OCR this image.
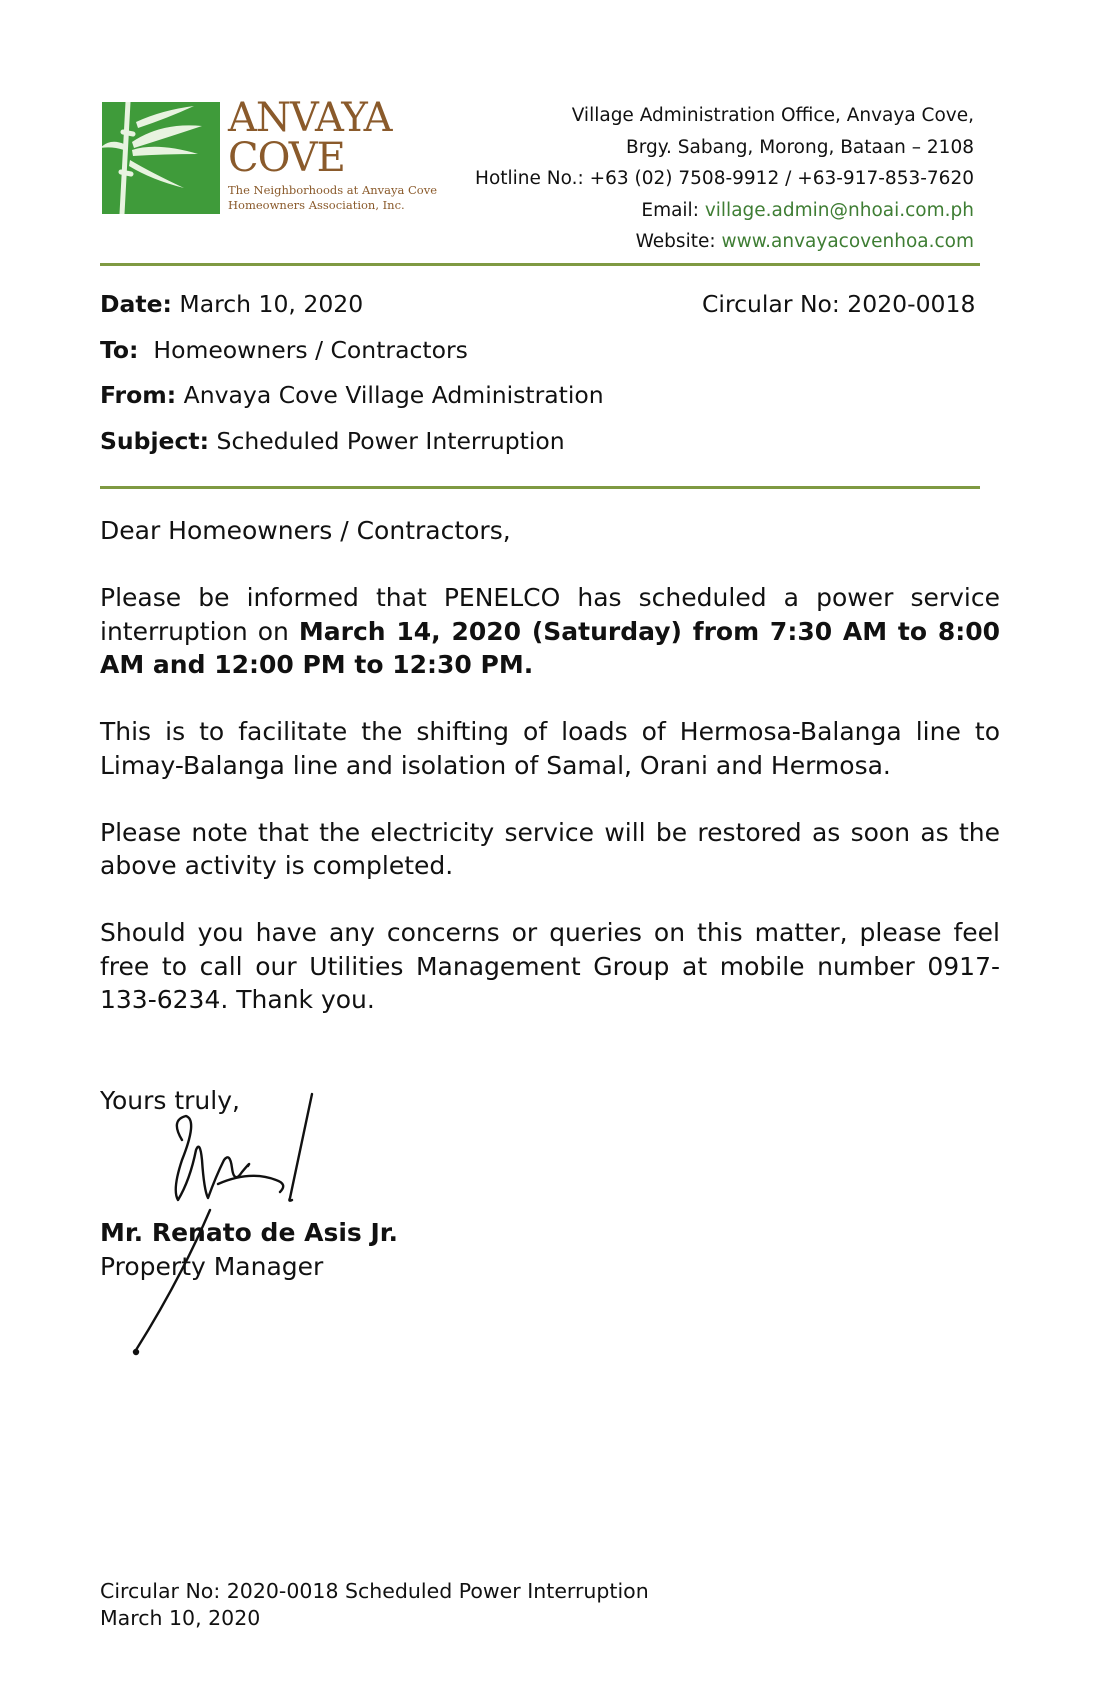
ANVAYA
COVE
The Neighborhoods at Anvaya Cove
Homeowners Association, Inc.
Village Administration Office, Anvaya Cove,
Brgy. Sabang, Morong, Bataan – 2108
Hotline No.: +63 (02) 7508-9912 / +63-917-853-7620
Email: village.admin@nhoai.com.ph
Website: www.anvayacovenhoa.com
Date: March 10, 2020
To: Homeowners / Contractors
From: Anvaya Cove Village Administration
Subject: Scheduled Power Interruption
Circular No: 2020-0018

Dear Homeowners / Contractors,

Please be informed that PENELCO has scheduled a power service interruption on March 14, 2020 (Saturday) from 7:30 AM to 8:00 AM and 12:00 PM to 12:30 PM.

This is to facilitate the shifting of loads of Hermosa-Balanga line to Limay-Balanga line and isolation of Samal, Orani and Hermosa.

Please note that the electricity service will be restored as soon as the above activity is completed.

Should you have any concerns or queries on this matter, please feel free to call our Utilities Management Group at mobile number 0917-133-6234. Thank you.

Yours truly,
Mr. Renato de Asis Jr.
Property Manager
Circular No: 2020-0018 Scheduled Power Interruption
March 10, 2020
